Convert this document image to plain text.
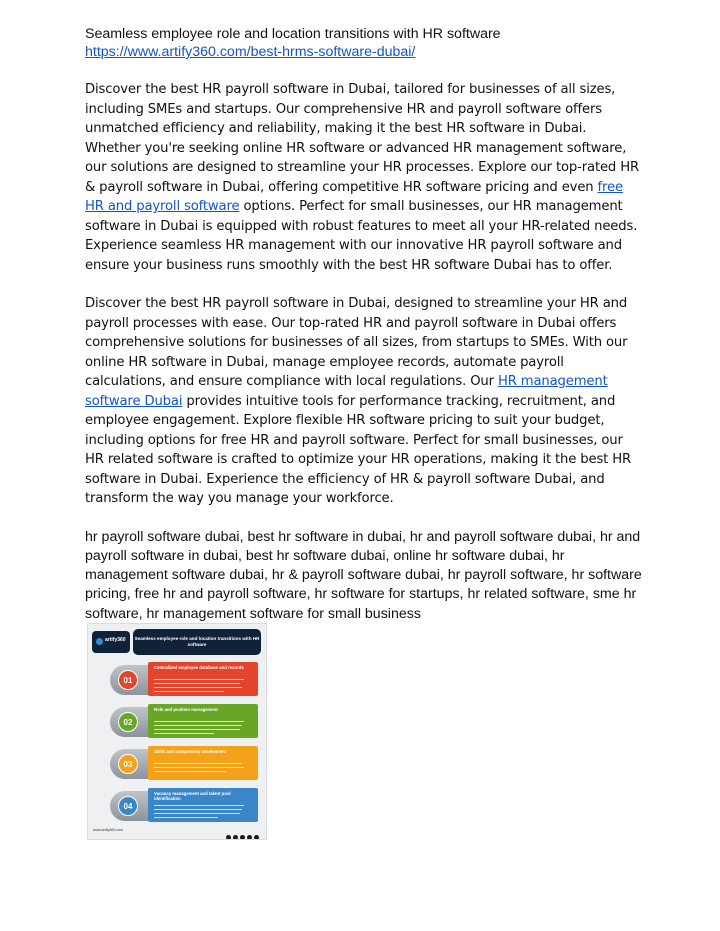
Seamless employee role and location transitions with HR software

https://www.artify360.com/best-hrms-software-dubai/

Discover the best HR payroll software in Dubai, tailored for businesses of all sizes, including SMEs and startups. Our comprehensive HR and payroll software offers unmatched efficiency and reliability, making it the best HR software in Dubai. Whether you're seeking online HR software or advanced HR management software, our solutions are designed to streamline your HR processes. Explore our top-rated HR & payroll software in Dubai, offering competitive HR software pricing and even free HR and payroll software options. Perfect for small businesses, our HR management software in Dubai is equipped with robust features to meet all your HR-related needs. Experience seamless HR management with our innovative HR payroll software and ensure your business runs smoothly with the best HR software Dubai has to offer.

Discover the best HR payroll software in Dubai, designed to streamline your HR and payroll processes with ease. Our top-rated HR and payroll software in Dubai offers comprehensive solutions for businesses of all sizes, from startups to SMEs. With our online HR software in Dubai, manage employee records, automate payroll calculations, and ensure compliance with local regulations. Our HR management software Dubai provides intuitive tools for performance tracking, recruitment, and employee engagement. Explore flexible HR software pricing to suit your budget, including options for free HR and payroll software. Perfect for small businesses, our HR related software is crafted to optimize your HR operations, making it the best HR software in Dubai. Experience the efficiency of HR & payroll software Dubai, and transform the way you manage your workforce.

hr payroll software dubai, best hr software in dubai, hr and payroll software dubai, hr and payroll software in dubai, best hr software dubai, online hr software dubai, hr management software dubai, hr & payroll software dubai, hr payroll software, hr software pricing, free hr and payroll software, hr software for startups, hr related software, sme hr software, hr management software for small business

artify360	Seamless employee role and location transitions with HR software
01
Centralized employee database and records
02
Role and position management
03
Skills and competency assessment
04
Vacancy management and talent pool identification
www.artify360.com
